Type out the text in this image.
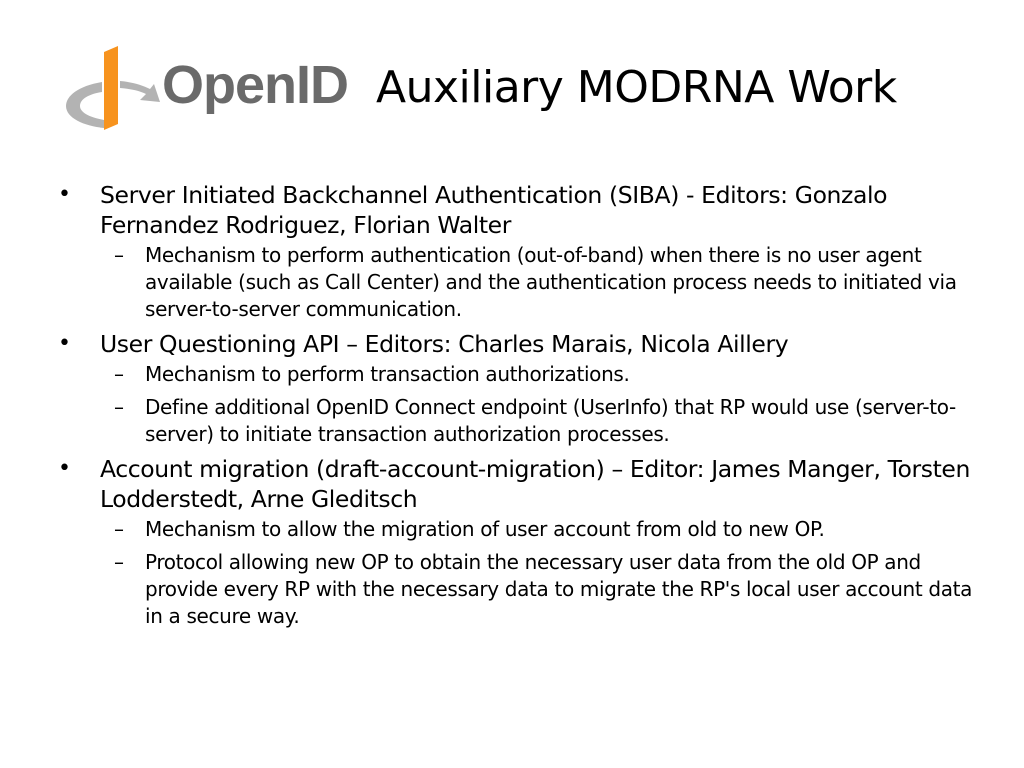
OpenID Auxiliary MODRNA Work
• Server Initiated Backchannel Authentication (SIBA) - Editors: Gonzalo Fernandez Rodriguez, Florian Walter
– Mechanism to perform authentication (out-of-band) when there is no user agent available (such as Call Center) and the authentication process needs to initiated via server-to-server communication.
• User Questioning API – Editors: Charles Marais, Nicola Aillery
– Mechanism to perform transaction authorizations.
– Define additional OpenID Connect endpoint (UserInfo) that RP would use (server-to-server) to initiate transaction authorization processes.
• Account migration (draft-account-migration) – Editor: James Manger, Torsten Lodderstedt, Arne Gleditsch
– Mechanism to allow the migration of user account from old to new OP.
– Protocol allowing new OP to obtain the necessary user data from the old OP and provide every RP with the necessary data to migrate the RP's local user account data in a secure way.
